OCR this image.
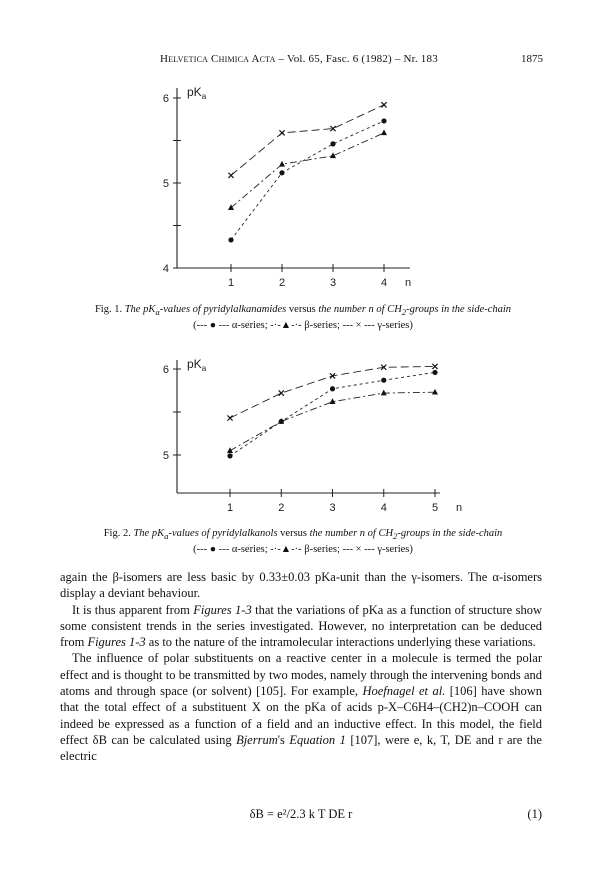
Helvetica Chimica Acta – Vol. 65, Fasc. 6 (1982) – Nr. 183	1875
1	2	3	4 n
4
5
6 $pK_a$
Fig. 1. The $pK_a$-values of pyridylalkanamides versus the number n of $CH_2$-groups in the side-chain
(--- ● --- α-series; -·-▲-·- β-series; --- × --- γ-series)
1	2	3	4	5 n
5
6 $pK_a$
Fig. 2. The $pK_a$-values of pyridylalkanols versus the number n of $CH_2$-groups in the side-chain
(--- ● --- α-series; -·-▲-·- β-series; --- × --- γ-series)

again the β-isomers are less basic by 0.33±0.03 pKa-unit than the γ-isomers. The α-isomers display a deviant behaviour.

It is thus apparent from Figures 1-3 that the variations of pKa as a function of structure show some consistent trends in the series investigated. However, no interpretation can be deduced from Figures 1-3 as to the nature of the intramolecular interactions underlying these variations.

The influence of polar substituents on a reactive center in a molecule is termed the polar effect and is thought to be transmitted by two modes, namely through the intervening bonds and atoms and through space (or solvent) [105]. For example, Hoefnagel et al. [106] have shown that the total effect of a substituent X on the pKa of acids p-X–C6H4–(CH2)n–COOH can indeed be expressed as a function of a field and an inductive effect. In this model, the field effect δB can be calculated using Bjerrum's Equation 1 [107], were e, k, T, DE and r are the electric

δB = e²/2.3 k T DE r	(1)
